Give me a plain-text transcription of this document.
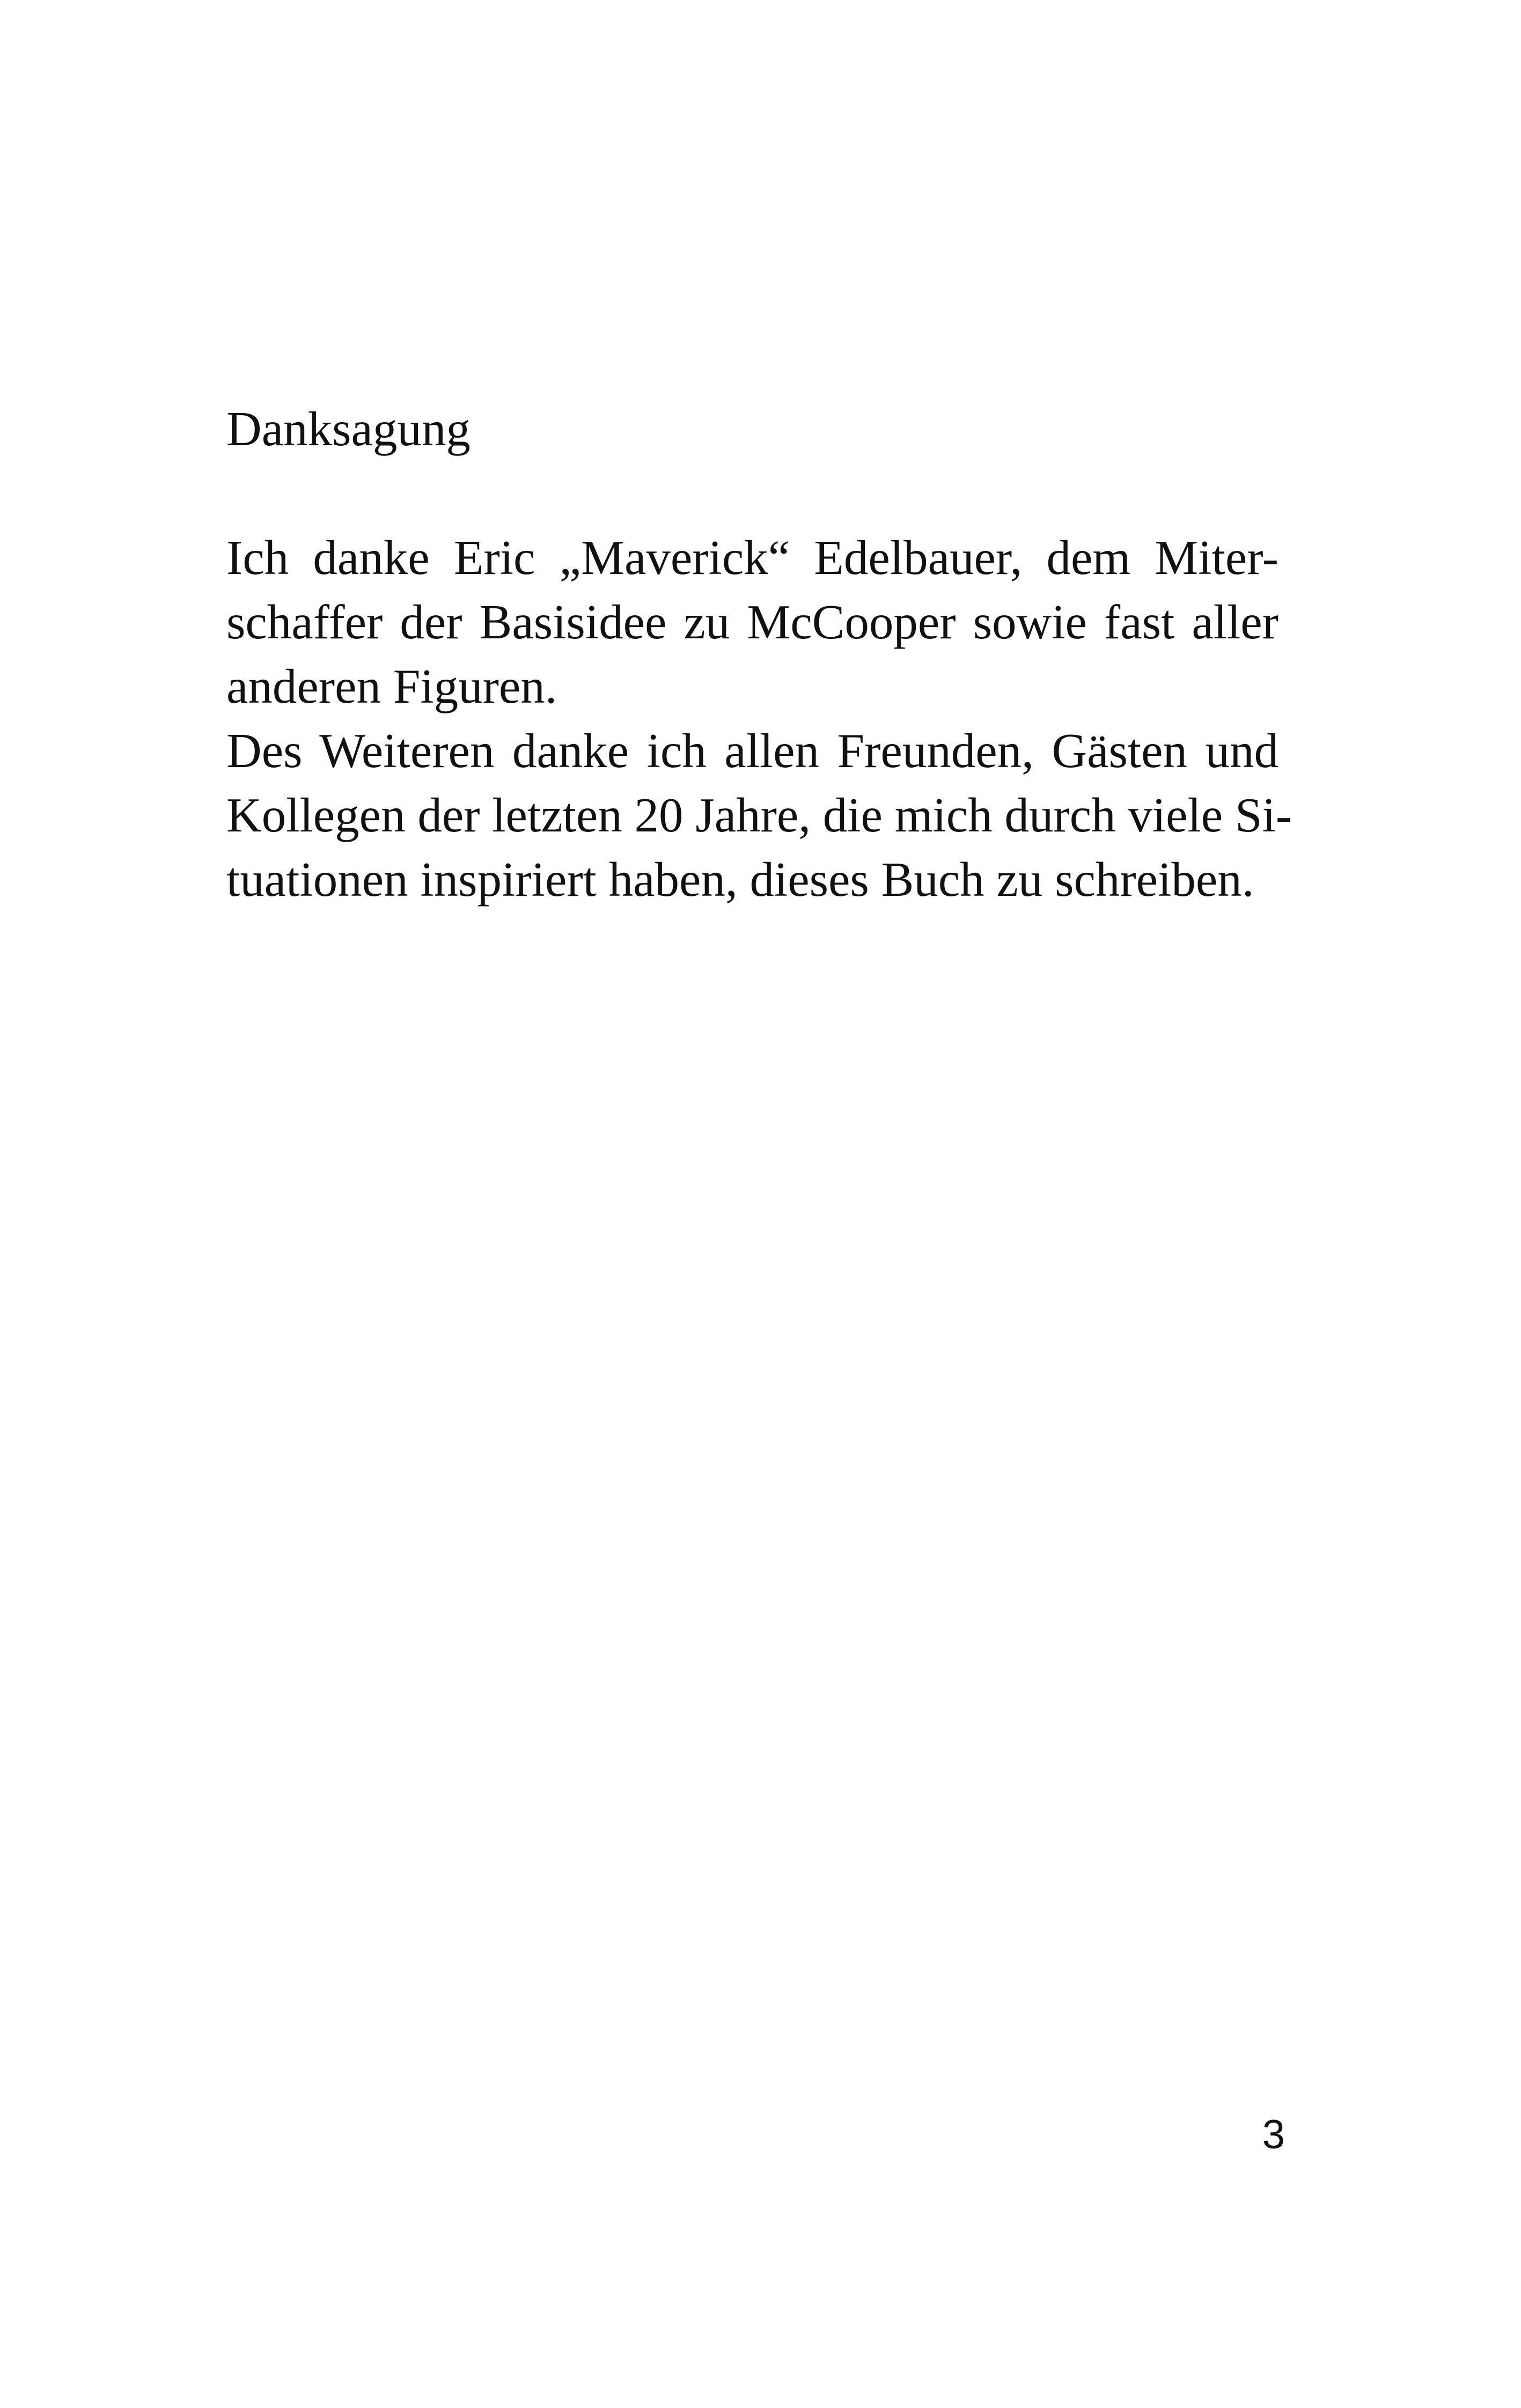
Danksagung
Ich danke Eric „Maverick“ Edelbauer, dem Miter-
schaffer der Basisidee zu McCooper sowie fast aller
anderen Figuren.
Des Weiteren danke ich allen Freunden, Gästen und
Kollegen der letzten 20 Jahre, die mich durch viele Si-
tuationen inspiriert haben, dieses Buch zu schreiben.
3
